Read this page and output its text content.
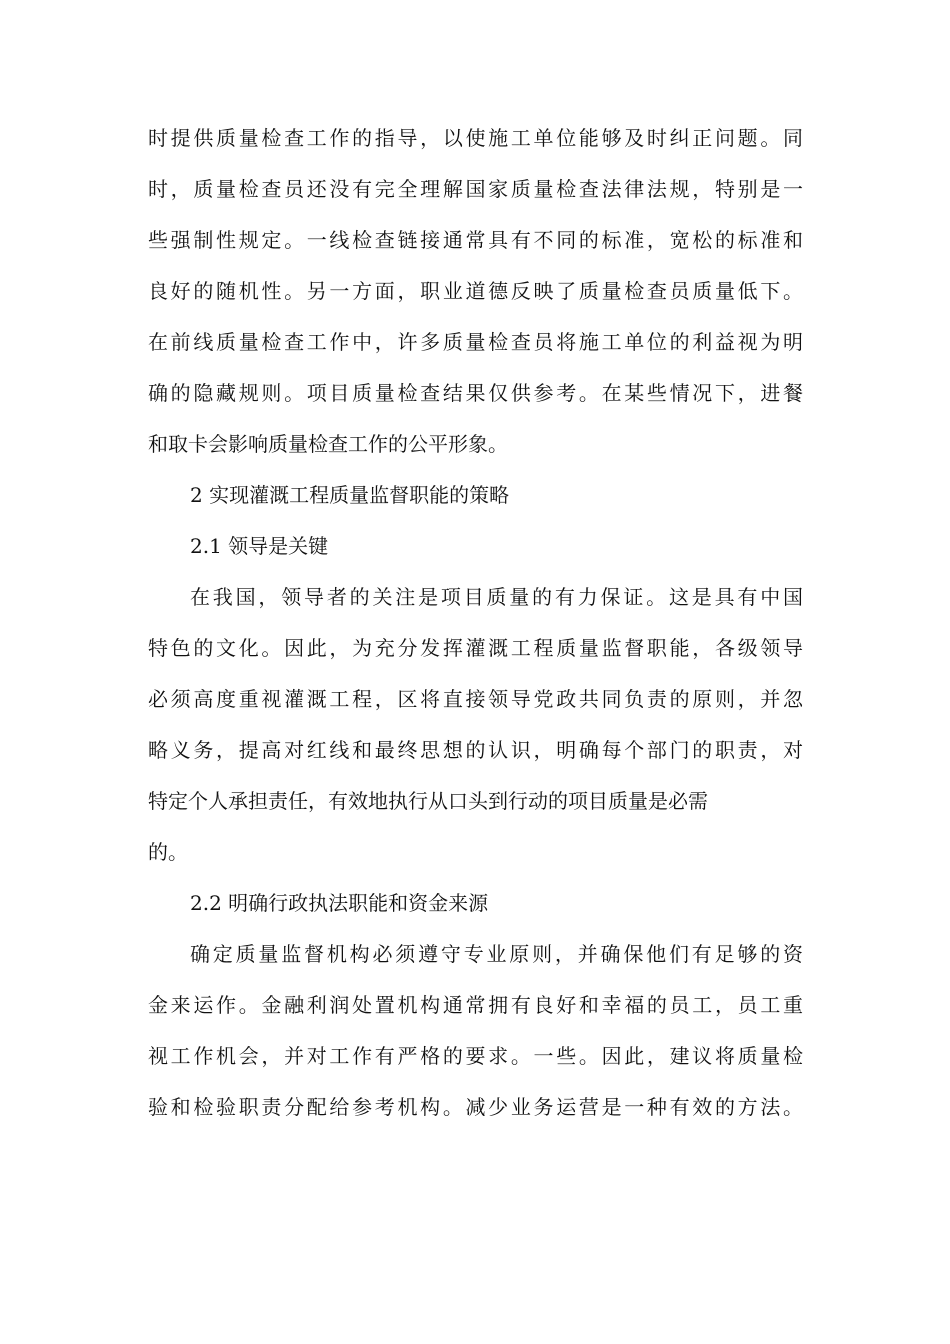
时提供质量检查工作的指导，以使施工单位能够及时纠正问题。同
时，质量检查员还没有完全理解国家质量检查法律法规，特别是一
些强制性规定。一线检查链接通常具有不同的标准，宽松的标准和
良好的随机性。另一方面，职业道德反映了质量检查员质量低下。
在前线质量检查工作中，许多质量检查员将施工单位的利益视为明
确的隐藏规则。项目质量检查结果仅供参考。在某些情况下，进餐
和取卡会影响质量检查工作的公平形象。
2 实现灌溉工程质量监督职能的策略
2.1 领导是关键
在我国，领导者的关注是项目质量的有力保证。这是具有中国
特色的文化。因此，为充分发挥灌溉工程质量监督职能，各级领导
必须高度重视灌溉工程，区将直接领导党政共同负责的原则，并忽
略义务，提高对红线和最终思想的认识，明确每个部门的职责，对
特定个人承担责任，有效地执行从口头到行动的项目质量是必需
的。
2.2 明确行政执法职能和资金来源
确定质量监督机构必须遵守专业原则，并确保他们有足够的资
金来运作。金融利润处置机构通常拥有良好和幸福的员工，员工重
视工作机会，并对工作有严格的要求。一些。因此，建议将质量检
验和检验职责分配给参考机构。减少业务运营是一种有效的方法。
